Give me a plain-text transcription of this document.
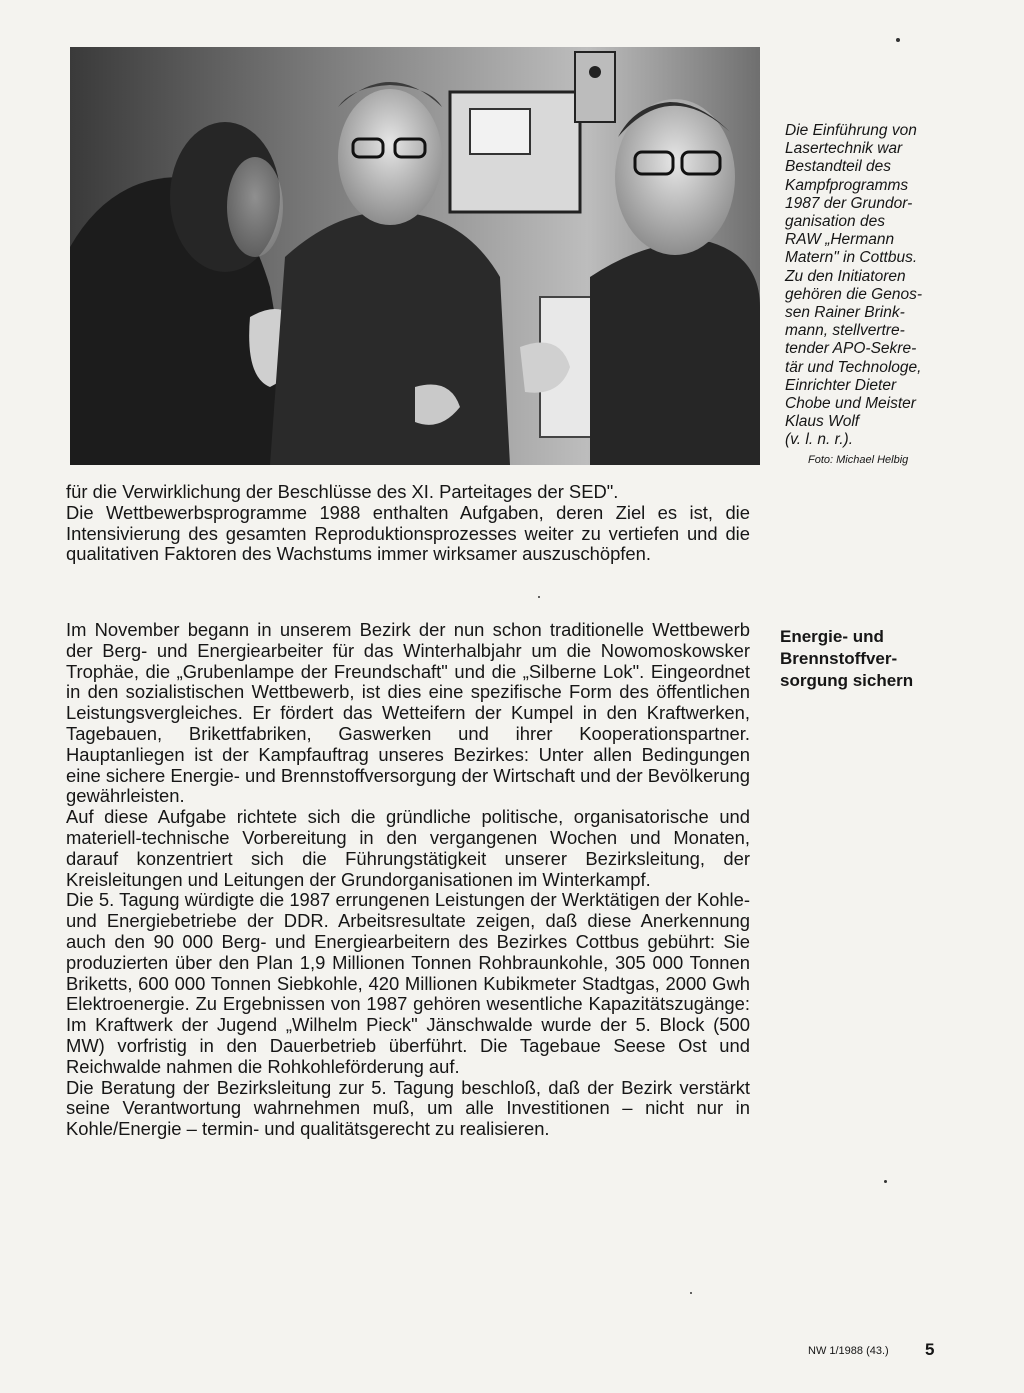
Die Einführung von

Lasertechnik war

Bestandteil des

Kampfprogramms

1987 der Grundor-

ganisation des

RAW „Hermann

Matern" in Cottbus.

Zu den Initiatoren

gehören die Genos-

sen Rainer Brink-

mann, stellvertre-

tender APO-Sekre-

tär und Technologe,

Einrichter Dieter

Chobe und Meister

Klaus Wolf

(v. l. n. r.).

Foto: Michael Helbig

für die Verwirklichung der Beschlüsse des XI. Parteitages der SED".

Die Wettbewerbsprogramme 1988 enthalten Aufgaben, deren Ziel es ist, die Intensivierung des gesamten Reproduktionsprozesses weiter zu vertiefen und die qualitativen Faktoren des Wachstums immer wirksamer auszuschöpfen.

Energie- und

Brennstoffver-

sorgung sichern

Im November begann in unserem Bezirk der nun schon traditionelle Wettbewerb der Berg- und Energiearbeiter für das Winterhalbjahr um die Nowomoskowsker Trophäe, die „Grubenlampe der Freundschaft" und die „Silberne Lok". Eingeordnet in den sozialistischen Wettbewerb, ist dies eine spezifische Form des öffentlichen Leistungsvergleiches. Er fördert das Wetteifern der Kumpel in den Kraftwerken, Tagebauen, Brikettfabriken, Gaswerken und ihrer Kooperationspartner. Hauptanliegen ist der Kampfauftrag unseres Bezirkes: Unter allen Bedingungen eine sichere Energie- und Brennstoffversorgung der Wirtschaft und der Bevölkerung gewährleisten.

Auf diese Aufgabe richtete sich die gründliche politische, organisatorische und materiell-technische Vorbereitung in den vergangenen Wochen und Monaten, darauf konzentriert sich die Führungstätigkeit unserer Bezirksleitung, der Kreisleitungen und Leitungen der Grundorganisationen im Winterkampf.

Die 5. Tagung würdigte die 1987 errungenen Leistungen der Werktätigen der Kohle- und Energiebetriebe der DDR. Arbeitsresultate zeigen, daß diese Anerkennung auch den 90 000 Berg- und Energiearbeitern des Bezirkes Cottbus gebührt: Sie produzierten über den Plan 1,9 Millionen Tonnen Rohbraunkohle, 305 000 Tonnen Briketts, 600 000 Tonnen Siebkohle, 420 Millionen Kubikmeter Stadtgas, 2000 Gwh Elektroenergie. Zu Ergebnissen von 1987 gehören wesentliche Kapazitätszugänge: Im Kraftwerk der Jugend „Wilhelm Pieck" Jänschwalde wurde der 5. Block (500 MW) vorfristig in den Dauerbetrieb überführt. Die Tagebaue Seese Ost und Reichwalde nahmen die Rohkohleförderung auf.

Die Beratung der Bezirksleitung zur 5. Tagung beschloß, daß der Bezirk verstärkt seine Verantwortung wahrnehmen muß, um alle Investitionen – nicht nur in Kohle/Energie – termin- und qualitätsgerecht zu realisieren.

NW 1/1988 (43.) 5
